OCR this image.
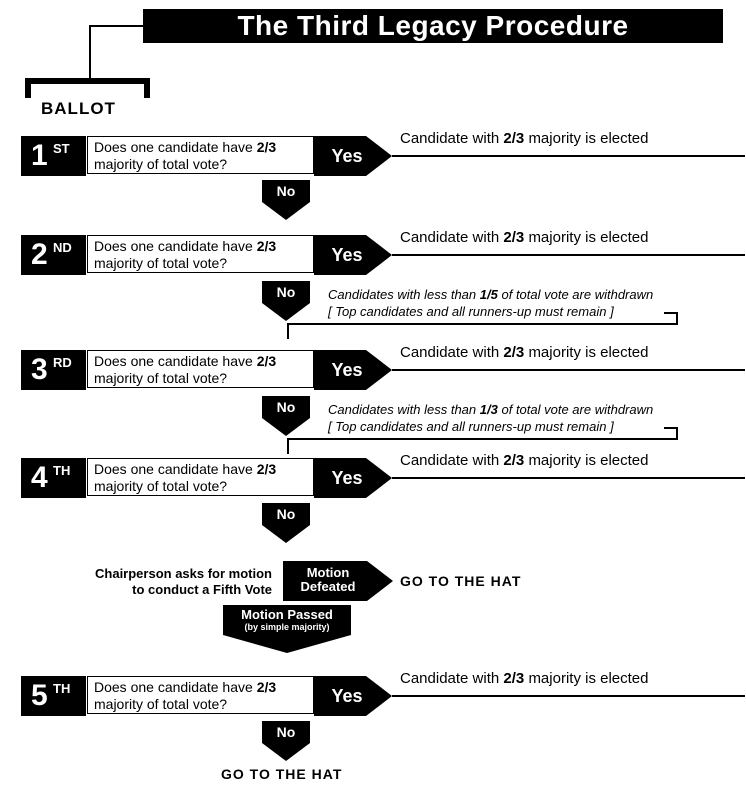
The Third Legacy Procedure
BALLOT
1 ST	Does one candidate have 2/3
majority of total vote?	Yes
Candidate with 2/3 majority is elected
No
2 ND	Does one candidate have 2/3
majority of total vote?	Yes
Candidate with 2/3 majority is elected
No	Candidates with less than 1/5 of total vote are withdrawn
[ Top candidates and all runners-up must remain ]
3 RD	Does one candidate have 2/3
majority of total vote?	Yes
Candidate with 2/3 majority is elected
No	Candidates with less than 1/3 of total vote are withdrawn
[ Top candidates and all runners-up must remain ]
4 TH	Does one candidate have 2/3
majority of total vote?	Yes
Candidate with 2/3 majority is elected
No
Chairperson asks for motion
to conduct a Fifth Vote
Motion
Defeated	GO TO THE HAT
Motion Passed
(by simple majority)
5 TH	Does one candidate have 2/3
majority of total vote?	Yes
Candidate with 2/3 majority is elected
No
GO TO THE HAT
